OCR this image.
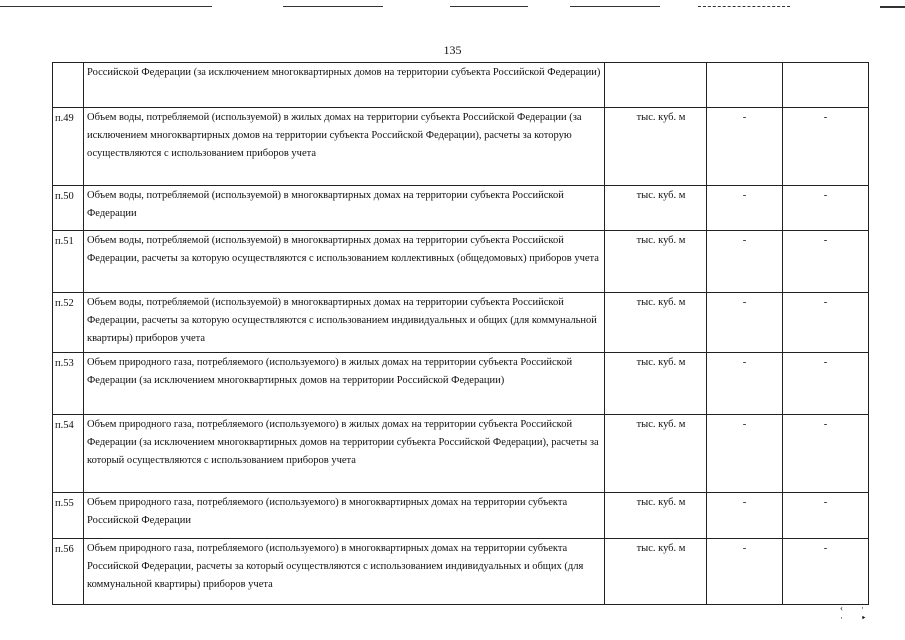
135
	Российской Федерации (за исключением многоквартирных домов на территории субъекта Российской Федерации)			
п.49	Объем воды, потребляемой (используемой) в жилых домах на территории субъекта Российской Федерации (за исключением многоквартирных домов на территории субъекта Российской Федерации), расчеты за которую осуществляются с использованием приборов учета	тыс. куб. м	-	-
п.50	Объем воды, потребляемой (используемой) в многоквартирных домах на территории субъекта Российской Федерации	тыс. куб. м	-	-
п.51	Объем воды, потребляемой (используемой) в многоквартирных домах на территории субъекта Российской Федерации, расчеты за которую осуществляются с использованием коллективных (общедомовых) приборов учета	тыс. куб. м	-	-
п.52	Объем воды, потребляемой (используемой) в многоквартирных домах на территории субъекта Российской Федерации, расчеты за которую осуществляются с использованием индивидуальных и общих (для коммунальной квартиры) приборов учета	тыс. куб. м	-	-
п.53	Объем природного газа, потребляемого (используемого) в жилых домах на территории субъекта Российской Федерации (за исключением многоквартирных домов на территории Российской Федерации)	тыс. куб. м	-	-
п.54	Объем природного газа, потребляемого (используемого) в жилых домах на территории субъекта Российской Федерации (за исключением многоквартирных домов на территории субъекта Российской Федерации), расчеты за который осуществляются с использованием приборов учета	тыс. куб. м	-	-
п.55	Объем природного газа, потребляемого (используемого) в многоквартирных домах на территории субъекта Российской Федерации	тыс. куб. м	-	-
п.56	Объем природного газа, потребляемого (используемого) в многоквартирных домах на территории субъекта Российской Федерации, расчеты за который осуществляются с использованием индивидуальных и общих (для коммунальной квартиры) приборов учета	тыс. куб. м	-	-
‹· ·‣
